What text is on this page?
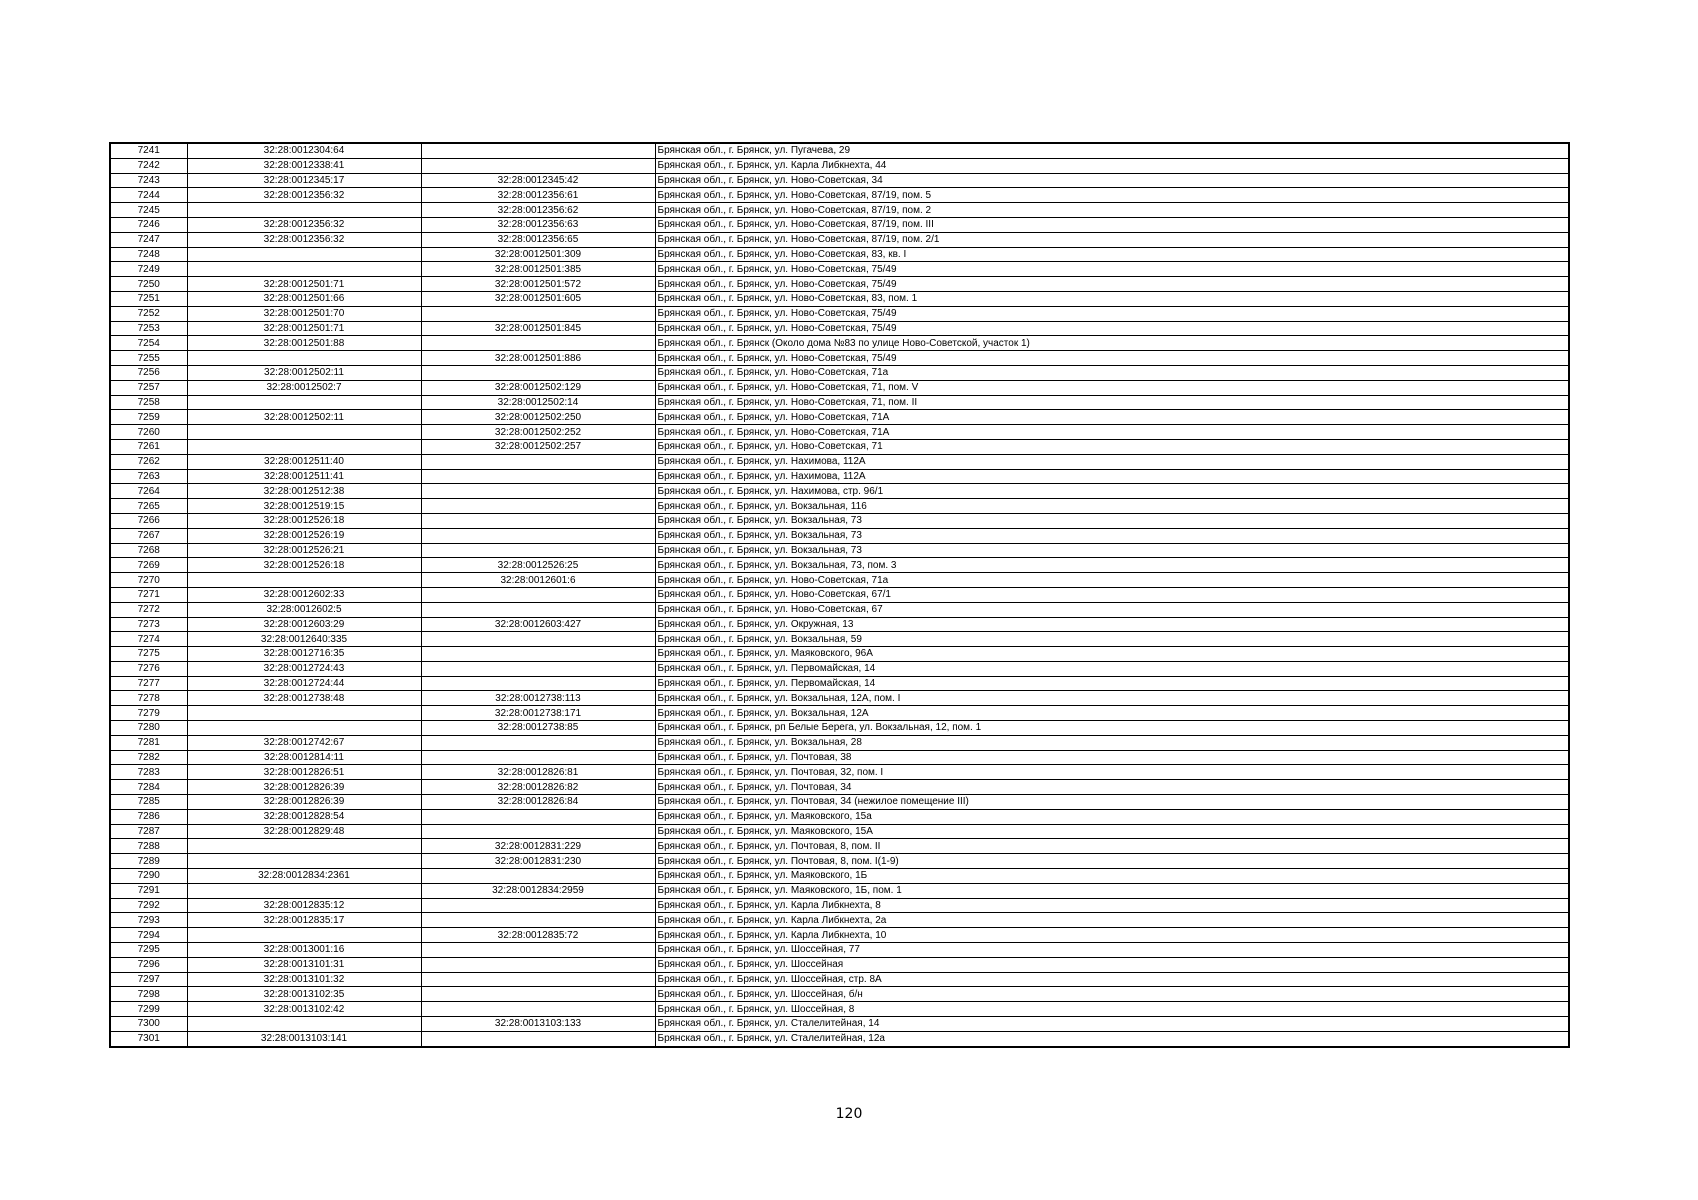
7241	32:28:0012304:64		Брянская обл., г. Брянск, ул. Пугачева, 29
7242	32:28:0012338:41		Брянская обл., г. Брянск, ул. Карла Либкнехта, 44
7243	32:28:0012345:17	32:28:0012345:42	Брянская обл., г. Брянск, ул. Ново-Советская, 34
7244	32:28:0012356:32	32:28:0012356:61	Брянская обл., г. Брянск, ул. Ново-Советская, 87/19, пом. 5
7245		32:28:0012356:62	Брянская обл., г. Брянск, ул. Ново-Советская, 87/19, пом. 2
7246	32:28:0012356:32	32:28:0012356:63	Брянская обл., г. Брянск, ул. Ново-Советская, 87/19, пом. III
7247	32:28:0012356:32	32:28:0012356:65	Брянская обл., г. Брянск, ул. Ново-Советская, 87/19, пом. 2/1
7248		32:28:0012501:309	Брянская обл., г. Брянск, ул. Ново-Советская, 83, кв. I
7249		32:28:0012501:385	Брянская обл., г. Брянск, ул. Ново-Советская, 75/49
7250	32:28:0012501:71	32:28:0012501:572	Брянская обл., г. Брянск, ул. Ново-Советская, 75/49
7251	32:28:0012501:66	32:28:0012501:605	Брянская обл., г. Брянск, ул. Ново-Советская, 83, пом. 1
7252	32:28:0012501:70		Брянская обл., г. Брянск, ул. Ново-Советская, 75/49
7253	32:28:0012501:71	32:28:0012501:845	Брянская обл., г. Брянск, ул. Ново-Советская, 75/49
7254	32:28:0012501:88		Брянская обл., г. Брянск (Около дома №83 по улице Ново-Советской, участок 1)
7255		32:28:0012501:886	Брянская обл., г. Брянск, ул. Ново-Советская, 75/49
7256	32:28:0012502:11		Брянская обл., г. Брянск, ул. Ново-Советская, 71а
7257	32:28:0012502:7	32:28:0012502:129	Брянская обл., г. Брянск, ул. Ново-Советская, 71, пом. V
7258		32:28:0012502:14	Брянская обл., г. Брянск, ул. Ново-Советская, 71, пом. II
7259	32:28:0012502:11	32:28:0012502:250	Брянская обл., г. Брянск, ул. Ново-Советская, 71А
7260		32:28:0012502:252	Брянская обл., г. Брянск, ул. Ново-Советская, 71А
7261		32:28:0012502:257	Брянская обл., г. Брянск, ул. Ново-Советская, 71
7262	32:28:0012511:40		Брянская обл., г. Брянск, ул. Нахимова, 112А
7263	32:28:0012511:41		Брянская обл., г. Брянск, ул. Нахимова, 112А
7264	32:28:0012512:38		Брянская обл., г. Брянск, ул. Нахимова, стр. 96/1
7265	32:28:0012519:15		Брянская обл., г. Брянск, ул. Вокзальная, 116
7266	32:28:0012526:18		Брянская обл., г. Брянск, ул. Вокзальная, 73
7267	32:28:0012526:19		Брянская обл., г. Брянск, ул. Вокзальная, 73
7268	32:28:0012526:21		Брянская обл., г. Брянск, ул. Вокзальная, 73
7269	32:28:0012526:18	32:28:0012526:25	Брянская обл., г. Брянск, ул. Вокзальная, 73, пом. 3
7270		32:28:0012601:6	Брянская обл., г. Брянск, ул. Ново-Советская, 71а
7271	32:28:0012602:33		Брянская обл., г. Брянск, ул. Ново-Советская, 67/1
7272	32:28:0012602:5		Брянская обл., г. Брянск, ул. Ново-Советская, 67
7273	32:28:0012603:29	32:28:0012603:427	Брянская обл., г. Брянск, ул. Окружная, 13
7274	32:28:0012640:335		Брянская обл., г. Брянск, ул. Вокзальная, 59
7275	32:28:0012716:35		Брянская обл., г. Брянск, ул. Маяковского, 96А
7276	32:28:0012724:43		Брянская обл., г. Брянск, ул. Первомайская, 14
7277	32:28:0012724:44		Брянская обл., г. Брянск, ул. Первомайская, 14
7278	32:28:0012738:48	32:28:0012738:113	Брянская обл., г. Брянск, ул. Вокзальная, 12А, пом. I
7279		32:28:0012738:171	Брянская обл., г. Брянск, ул. Вокзальная, 12А
7280		32:28:0012738:85	Брянская обл., г. Брянск, рп Белые Берега, ул. Вокзальная, 12, пом. 1
7281	32:28:0012742:67		Брянская обл., г. Брянск, ул. Вокзальная, 28
7282	32:28:0012814:11		Брянская обл., г. Брянск, ул. Почтовая, 38
7283	32:28:0012826:51	32:28:0012826:81	Брянская обл., г. Брянск, ул. Почтовая, 32, пом. I
7284	32:28:0012826:39	32:28:0012826:82	Брянская обл., г. Брянск, ул. Почтовая, 34
7285	32:28:0012826:39	32:28:0012826:84	Брянская обл., г. Брянск, ул. Почтовая, 34 (нежилое помещение III)
7286	32:28:0012828:54		Брянская обл., г. Брянск, ул. Маяковского, 15а
7287	32:28:0012829:48		Брянская обл., г. Брянск, ул. Маяковского, 15А
7288		32:28:0012831:229	Брянская обл., г. Брянск, ул. Почтовая, 8, пом. II
7289		32:28:0012831:230	Брянская обл., г. Брянск, ул. Почтовая, 8, пом. I(1-9)
7290	32:28:0012834:2361		Брянская обл., г. Брянск, ул. Маяковского, 1Б
7291		32:28:0012834:2959	Брянская обл., г. Брянск, ул. Маяковского, 1Б, пом. 1
7292	32:28:0012835:12		Брянская обл., г. Брянск, ул. Карла Либкнехта, 8
7293	32:28:0012835:17		Брянская обл., г. Брянск, ул. Карла Либкнехта, 2а
7294		32:28:0012835:72	Брянская обл., г. Брянск, ул. Карла Либкнехта, 10
7295	32:28:0013001:16		Брянская обл., г. Брянск, ул. Шоссейная, 77
7296	32:28:0013101:31		Брянская обл., г. Брянск, ул. Шоссейная
7297	32:28:0013101:32		Брянская обл., г. Брянск, ул. Шоссейная, стр. 8А
7298	32:28:0013102:35		Брянская обл., г. Брянск, ул. Шоссейная, б/н
7299	32:28:0013102:42		Брянская обл., г. Брянск, ул. Шоссейная, 8
7300		32:28:0013103:133	Брянская обл., г. Брянск, ул. Сталелитейная, 14
7301	32:28:0013103:141		Брянская обл., г. Брянск, ул. Сталелитейная, 12а
120
